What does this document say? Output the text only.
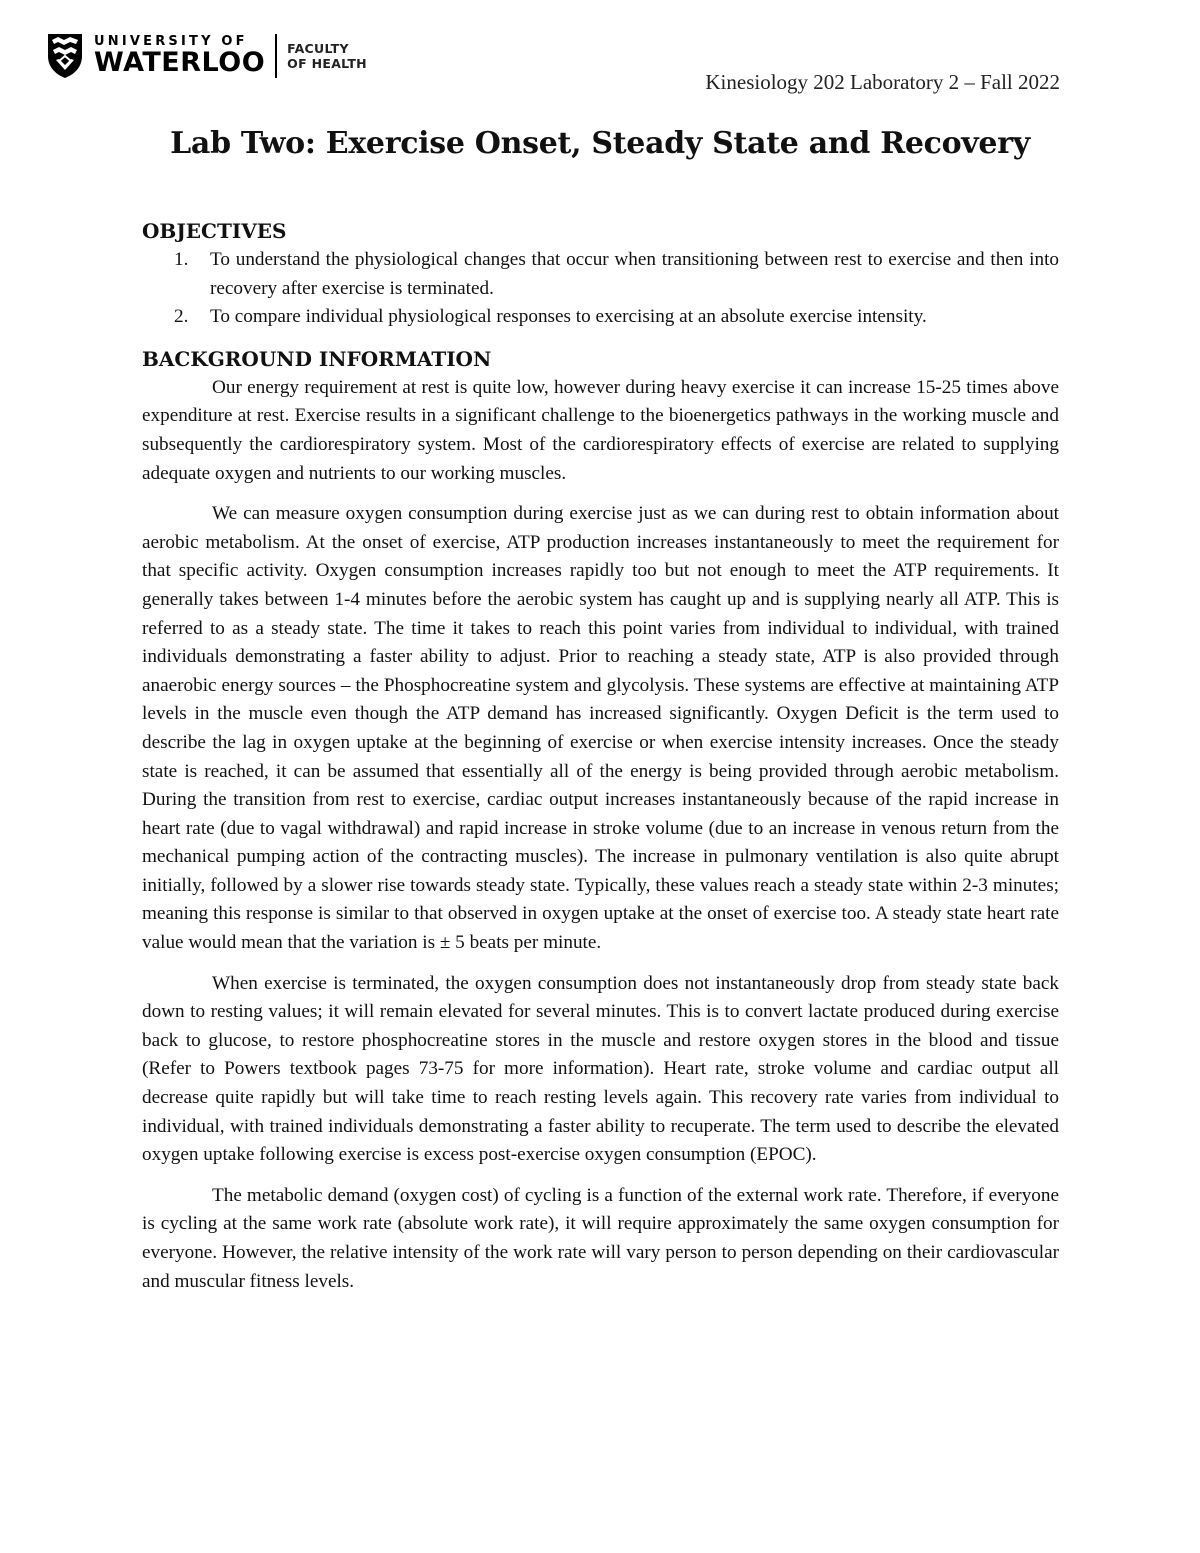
UNIVERSITY OF
WATERLOO FACULTY
OF HEALTH
Kinesiology 202 Laboratory 2 – Fall 2022
Lab Two: Exercise Onset, Steady State and Recovery
OBJECTIVES
1.	To understand the physiological changes that occur when transitioning between rest to exercise and then into recovery after exercise is terminated.
2.	To compare individual physiological responses to exercising at an absolute exercise intensity.
BACKGROUND INFORMATION

Our energy requirement at rest is quite low, however during heavy exercise it can increase 15-25 times above expenditure at rest. Exercise results in a significant challenge to the bioenergetics pathways in the working muscle and subsequently the cardiorespiratory system. Most of the cardiorespiratory effects of exercise are related to supplying adequate oxygen and nutrients to our working muscles.

We can measure oxygen consumption during exercise just as we can during rest to obtain information about aerobic metabolism. At the onset of exercise, ATP production increases instantaneously to meet the requirement for that specific activity. Oxygen consumption increases rapidly too but not enough to meet the ATP requirements. It generally takes between 1-4 minutes before the aerobic system has caught up and is supplying nearly all ATP. This is referred to as a steady state. The time it takes to reach this point varies from individual to individual, with trained individuals demonstrating a faster ability to adjust. Prior to reaching a steady state, ATP is also provided through anaerobic energy sources – the Phosphocreatine system and glycolysis. These systems are effective at maintaining ATP levels in the muscle even though the ATP demand has increased significantly. Oxygen Deficit is the term used to describe the lag in oxygen uptake at the beginning of exercise or when exercise intensity increases. Once the steady state is reached, it can be assumed that essentially all of the energy is being provided through aerobic metabolism. During the transition from rest to exercise, cardiac output increases instantaneously because of the rapid increase in heart rate (due to vagal withdrawal) and rapid increase in stroke volume (due to an increase in venous return from the mechanical pumping action of the contracting muscles). The increase in pulmonary ventilation is also quite abrupt initially, followed by a slower rise towards steady state. Typically, these values reach a steady state within 2-3 minutes; meaning this response is similar to that observed in oxygen uptake at the onset of exercise too. A steady state heart rate value would mean that the variation is ± 5 beats per minute.

When exercise is terminated, the oxygen consumption does not instantaneously drop from steady state back down to resting values; it will remain elevated for several minutes. This is to convert lactate produced during exercise back to glucose, to restore phosphocreatine stores in the muscle and restore oxygen stores in the blood and tissue (Refer to Powers textbook pages 73-75 for more information). Heart rate, stroke volume and cardiac output all decrease quite rapidly but will take time to reach resting levels again. This recovery rate varies from individual to individual, with trained individuals demonstrating a faster ability to recuperate. The term used to describe the elevated oxygen uptake following exercise is excess post-exercise oxygen consumption (EPOC).

The metabolic demand (oxygen cost) of cycling is a function of the external work rate. Therefore, if everyone is cycling at the same work rate (absolute work rate), it will require approximately the same oxygen consumption for everyone. However, the relative intensity of the work rate will vary person to person depending on their cardiovascular and muscular fitness levels.
